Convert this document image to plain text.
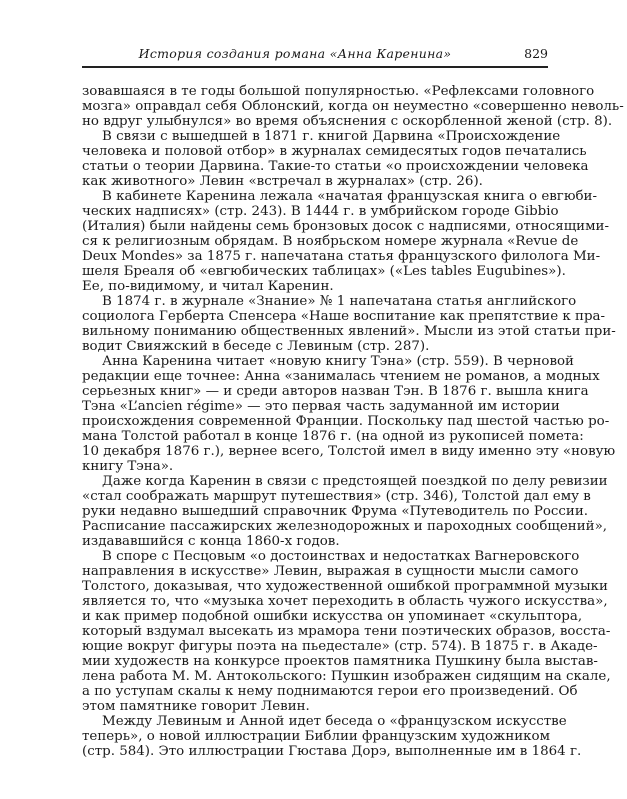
История создания романа «Анна Каренина»	829
зовавшаяся в те годы большой популярностью. «Рефлексами головного
мозга» оправдал себя Облонский, когда он неуместно «совершенно неволь-
но вдруг улыбнулся» во время объяснения с оскорбленной женой (стр. 8).
В связи с вышедшей в 1871 г. книгой Дарвина «Происхождение
человека и половой отбор» в журналах семидесятых годов печатались
статьи о теории Дарвина. Такие-то статьи «о происхождении человека
как животного» Левин «встречал в журналах» (стр. 26).
В кабинете Каренина лежала «начатая французская книга о евгюби-
ческих надписях» (стр. 243). В 1444 г. в умбрийском городе Gibbio
(Италия) были найдены семь бронзовых досок с надписями, относящими-
ся к религиозным обрядам. В ноябрьском номере журнала «Revue de
Deux Mondes» за 1875 г. напечатана статья французского филолога Ми-
шеля Бреаля об «евгюбических таблицах» («Les tables Eugubines»).
Ее, по-видимому, и читал Каренин.
В 1874 г. в журнале «Знание» № 1 напечатана статья английского
социолога Герберта Спенсера «Наше воспитание как препятствие к пра-
вильному пониманию общественных явлений». Мысли из этой статьи при-
водит Свияжский в беседе с Левиным (стр. 287).
Анна Каренина читает «новую книгу Тэна» (стр. 559). В черновой
редакции еще точнее: Анна «занималась чтением не романов, а модных
серьезных книг» — и среди авторов назван Тэн. В 1876 г. вышла книга
Тэна «L’ancien régime» — это первая часть задуманной им истории
происхождения современной Франции. Поскольку пад шестой частью ро-
мана Толстой работал в конце 1876 г. (на одной из рукописей помета:
10 декабря 1876 г.), вернее всего, Толстой имел в виду именно эту «новую
книгу Тэна».
Даже когда Каренин в связи с предстоящей поездкой по делу ревизии
«стал соображать маршрут путешествия» (стр. 346), Толстой дал ему в
руки недавно вышедший справочник Фрума «Путеводитель по России.
Расписание пассажирских железнодорожных и пароходных сообщений»,
издававшийся с конца 1860-х годов.
В споре с Песцовым «о достоинствах и недостатках Вагнеровского
направления в искусстве» Левин, выражая в сущности мысли самого
Толстого, доказывая, что художественной ошибкой программной музыки
является то, что «музыка хочет переходить в область чужого искусства»,
и как пример подобной ошибки искусства он упоминает «скульптора,
который вздумал высекать из мрамора тени поэтических образов, восста-
ющие вокруг фигуры поэта на пьедестале» (стр. 574). В 1875 г. в Акаде-
мии художеств на конкурсе проектов памятника Пушкину была выстав-
лена работа М. М. Антокольского: Пушкин изображен сидящим на скале,
а по уступам скалы к нему поднимаются герои его произведений. Об
этом памятнике говорит Левин.
Между Левиным и Анной идет беседа о «французском искусстве
теперь», о новой иллюстрации Библии французским художником
(стр. 584). Это иллюстрации Гюстава Дорэ, выполненные им в 1864 г.
